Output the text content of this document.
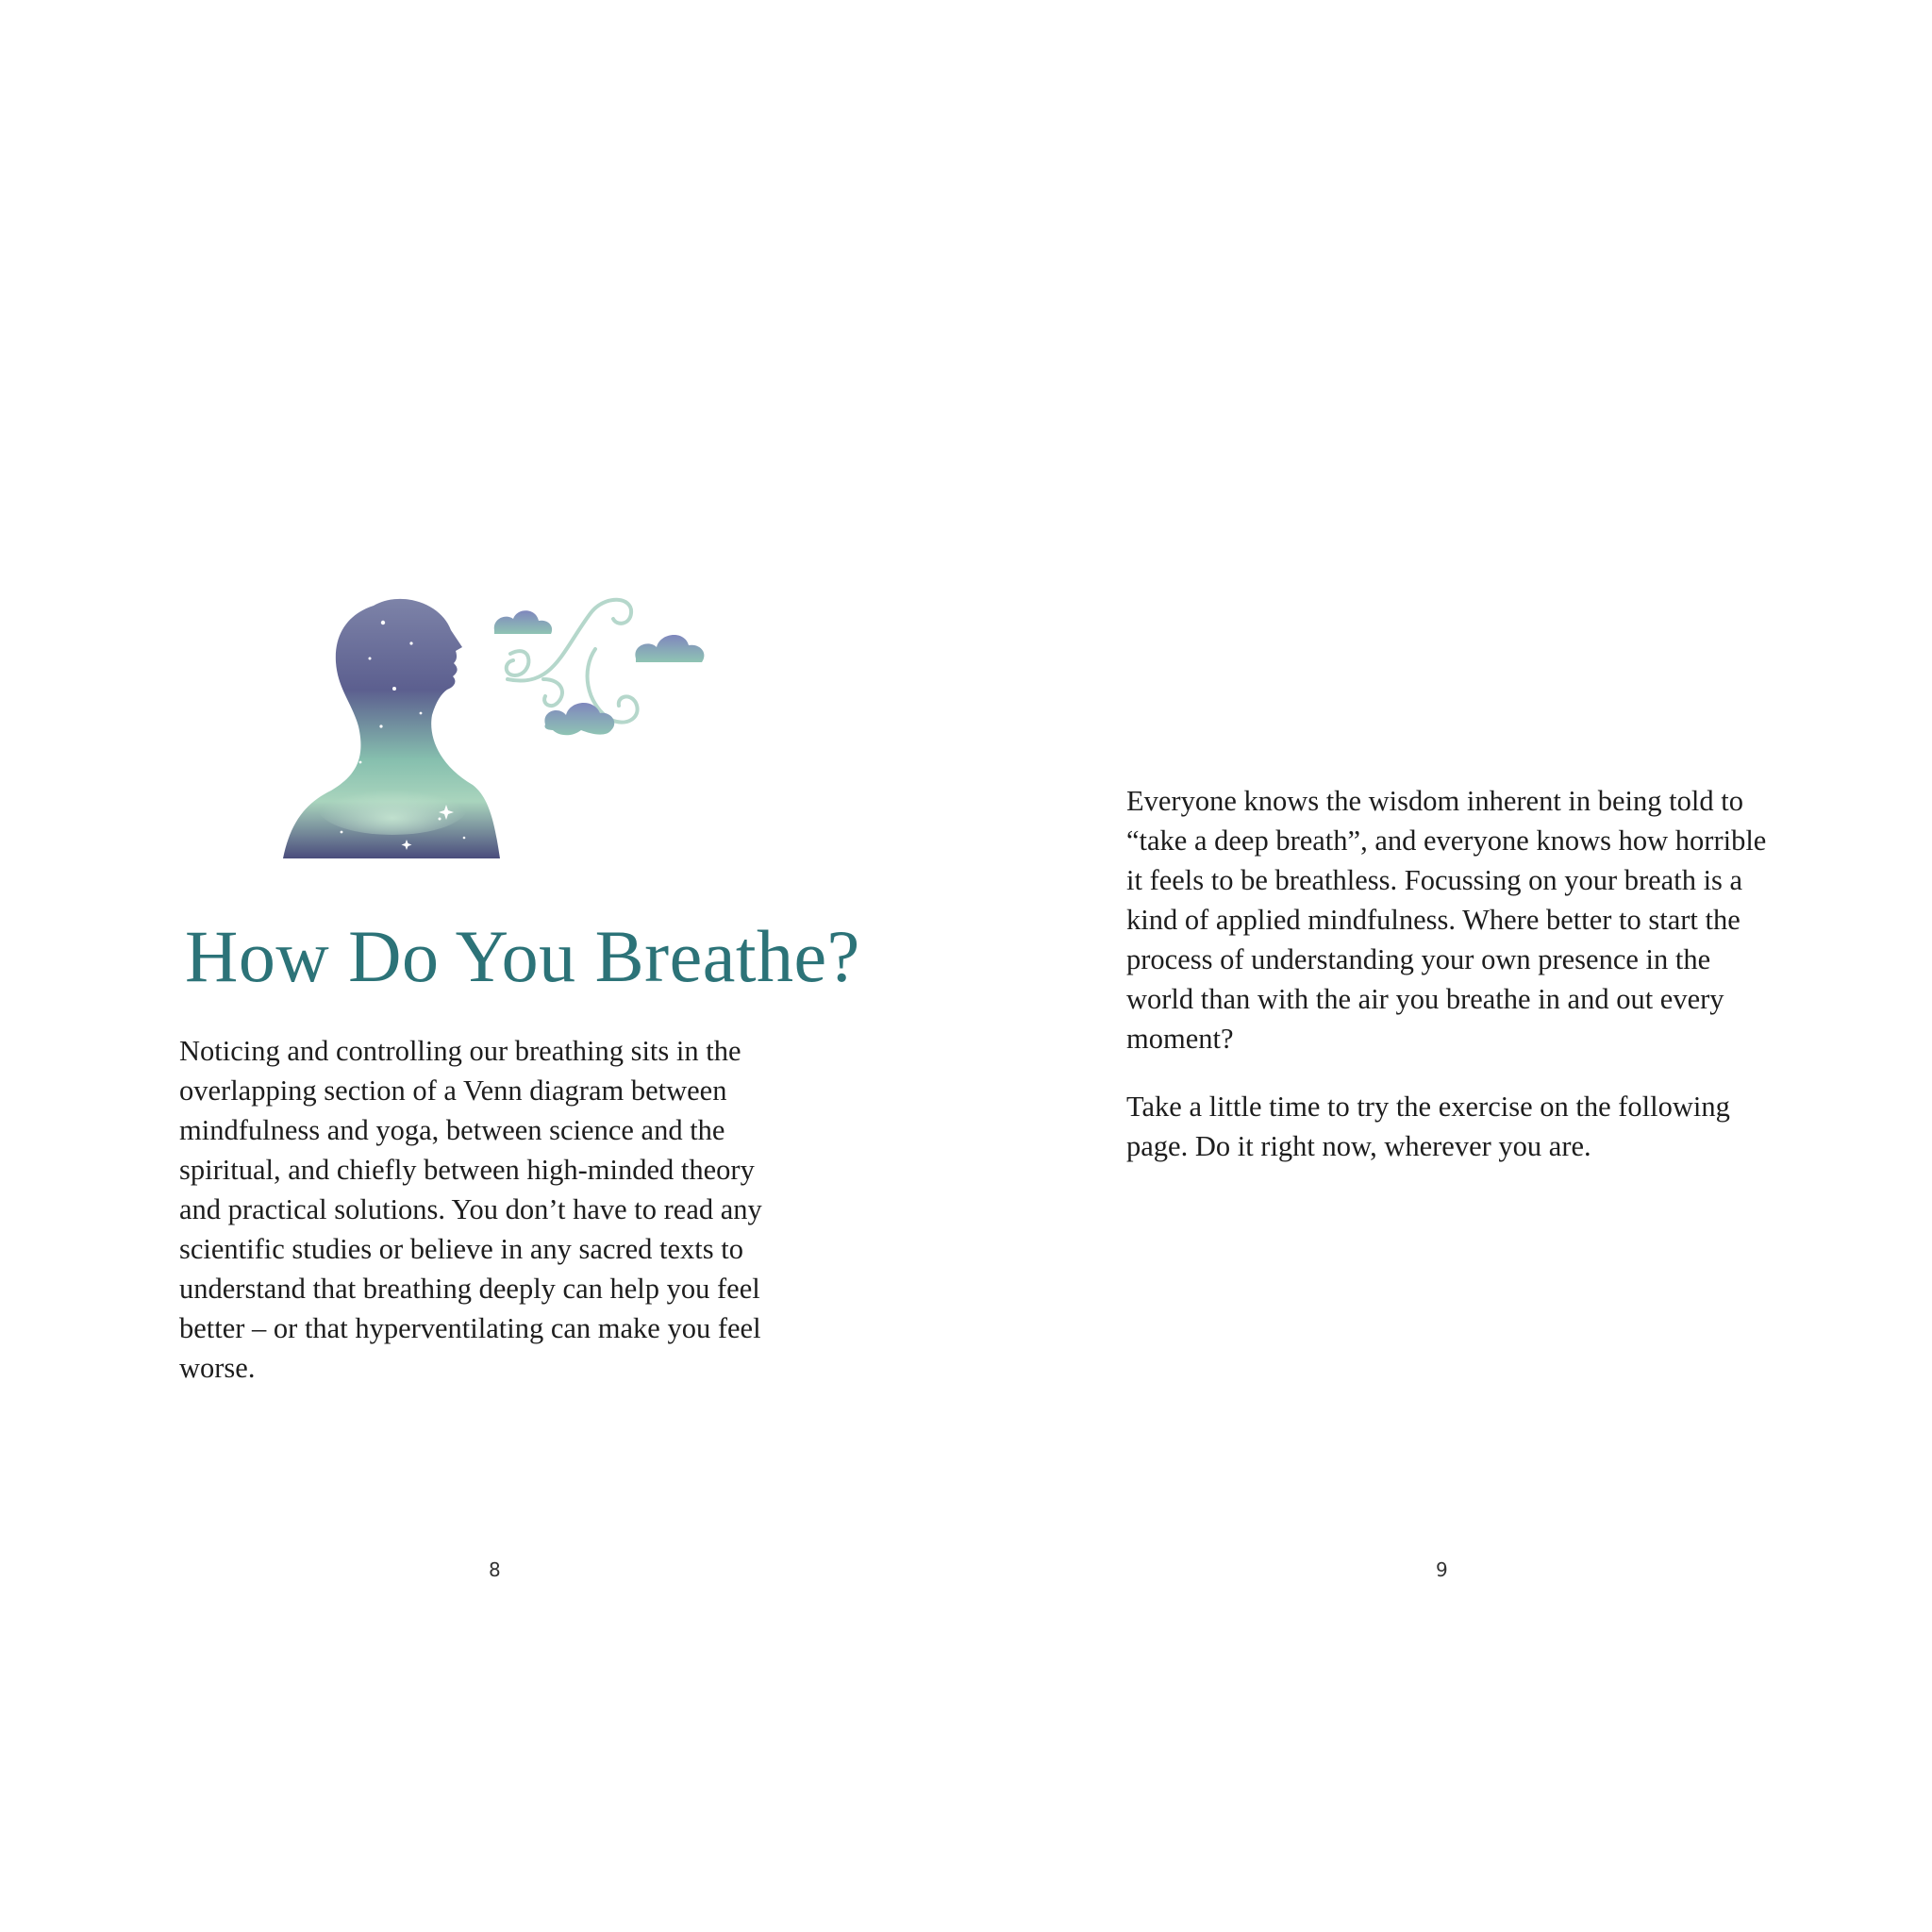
How Do You Breathe?

Noticing and controlling our breathing sits in the overlapping section of a Venn diagram between mindfulness and yoga, between science and the spiritual, and chiefly between high-minded theory and practical solutions. You don’t have to read any scientific studies or believe in any sacred texts to understand that breathing deeply can help you feel better – or that hyperventilating can make you feel worse.

8

Everyone knows the wisdom inherent in being told to “take a deep breath”, and everyone knows how horrible it feels to be breathless. Focussing on your breath is a kind of applied mindfulness. Where better to start the process of understanding your own presence in the world than with the air you breathe in and out every moment?

Take a little time to try the exercise on the following page. Do it right now, wherever you are.

9
